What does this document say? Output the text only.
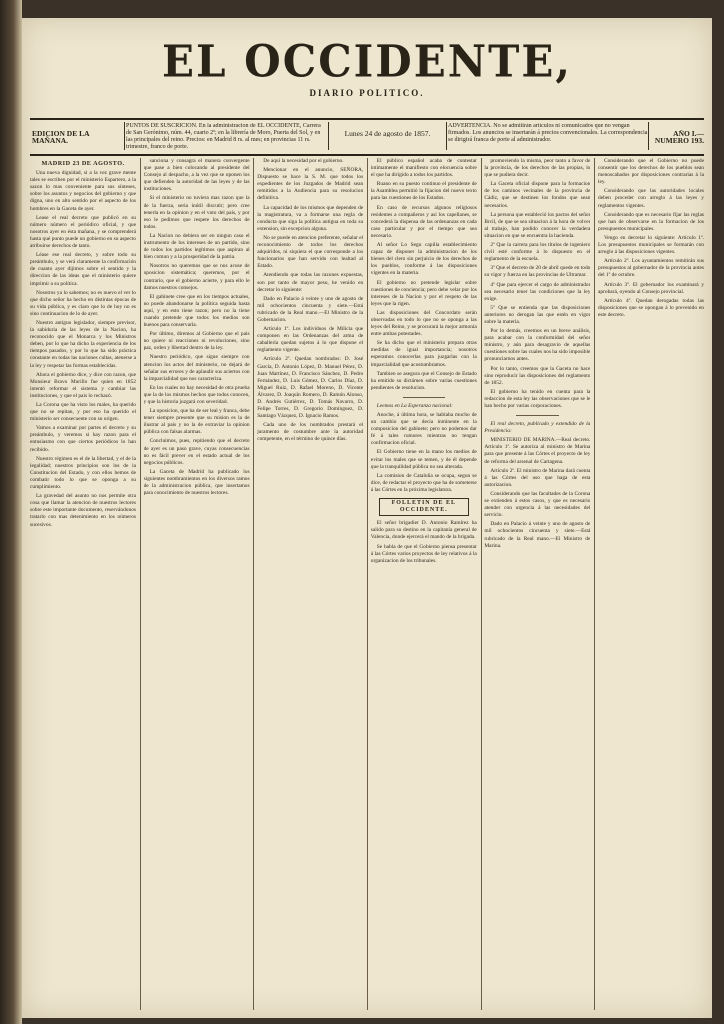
EL OCCIDENTE,
DIARIO POLITICO.
EDICION DE LA MAÑANA.
PUNTOS DE SUSCRICION. En la administracion de EL OCCIDENTE, Carrera de San Gerónimo, núm. 44, cuarto 2º; en la librería de Moro, Puerta del Sol, y en las principales del reino. Precios: en Madrid 8 rs. al mes; en provincias 11 rs. trimestre, franco de porte.
Lunes 24 de agosto de 1857.
ADVERTENCIA. No se admitirán artículos ni comunicados que no vengan firmados. Los anuncios se insertarán á precios convencionales. La correspondencia se dirigirá franca de porte al administrador.
AÑO I.—NUMERO 193.
MADRID 23 DE AGOSTO.

Una nueva dignidad, si a la vez grave mente tales se escriben por el ministerio Espartero, a la sazon lo mas conveniente para sus sínteses, sobre los asuntos y negocios del gobierno y que digna, uno en alto sentido por el aspecto de los hombres en la Gaceta de ayer.

Lease el real decreto que publicó en su número número el periódico oficial, y que nosotros ayer en ésta mañana, y se comprenderá hasta qué punto puede un gobierno en su aspecto atribuirse derechos de tanto.

Léase ese real decreto, y sobre todo su preámbulo, y se verá claramente la confirmación de cuanto ayer dijimos sobre el sentido y la direccion de las ideas que el ministerio quiere imprimir a su política.

Nosotros ya lo sabemos; no es nuevo el ver lo que dicho señor ha hecho en distintas épocas de su vida pública, y es claro que lo de hoy no es sino continuacion de lo de ayer.

Nuestro antiguo legislador, siempre previsor, la sabiduria de las leyes de la Nacion, ha reconocido que el Monarca y los Ministros deben, por lo que ha dicho la experiencia de los tiempos pasados, y por lo que ha sido práctica constante en todas las naciones cultas, atenerse a la ley y respetar las formas establecidas.

Ahora el gobierno dice, y dice con razon, que Monsieur Bravo Murillo fue quien en 1852 intentó reformar el sistema y cambiar las instituciones, y que el pais lo rechazó.

La Corona que ha visto los males, ha querido que no se repitan, y por eso ha querido el ministerio ser consecuente con su origen.

Vamos a examinar por partes el decreto y su preámbulo, y veremos si hay razon para el entusiasmo con que ciertos periódicos lo han recibido.

Nuestro régimen es el de la libertad, y el de la legalidad; nuestros principios son los de la Constitucion del Estado, y con ellos hemos de combatir todo lo que se oponga a su cumplimiento.

La gravedad del asunto no nos permite otra cosa que llamar la atencion de nuestros lectores sobre este importante documento, reservándonos tratarlo con mas detenimiento en los números sucesivos.

sanciona y consagra el manera convergente que pase a bien colocando al presidente del Consejo al despacho, a la vez que se oponen los que defienden la autoridad de las leyes y de las instituciones.

Si el ministerio no tuviera mas razon que la de la fuerza, seria inútil discutir; pero cree tenerla en la opinion y en el voto del país, y por eso le pedimos que respete los derechos de todos.

La Nacion no debiera ser en ningun caso el instrumento de los intereses de un partido, sino de todos los partidos legítimos que aspiran al bien comun y a la prosperidad de la patria.

Nosotros no queremos que se nos acuse de oposicion sistemática; queremos, por el contrario, que el gobierno acierte, y para ello le damos nuestros consejos.

El gabinete cree que en los tiempos actuales, no puede abandonarse la política seguida hasta aquí, y en esto tiene razon; pero no la tiene cuando pretende que todos los medios son buenos para conservarla.

Por último, diremos al Gobierno que el pais no quiere ni reacciones ni revoluciones, sino paz, orden y libertad dentro de la ley.

Nuestro periódico, que sigue siempre con atencion los actos del ministerio, no dejará de señalar sus errores y de aplaudir sus aciertos con la imparcialidad que nos caracteriza.

En los cuales no hay necesidad de otra prueba que la de los mismos hechos que todos conocen, y que la historia juzgará con severidad.

La oposicion, que ha de ser leal y franca, debe tener siempre presente que su mision es la de ilustrar al pais y no la de extraviar la opinion pública con falsas alarmas.

Concluimos, pues, repitiendo que el decreto de ayer es un paso grave, cuyas consecuencias no es fácil prever en el estado actual de los negocios públicos.

La Gaceta de Madrid ha publicado los siguientes nombramientos en los diversos ramos de la administracion pública, que insertamos para conocimiento de nuestros lectores.

De aquí la necesidad por el gobierno.

Mencionar en el anuncio, SEÑORA, Dispuesto se hace la S. M. que todos los expedientes de los Juzgados de Madrid sean remitidos a la Audiencia para su resolucion definitiva.

La capacidad de los mismos que dependen de la magistratura, va a formarse una regla de conducta que siga la política antigua en toda su extension, sin excepcion alguna.

No se puede en atencion preferente, señalar el reconocimiento de todos los derechos adquiridos, ni siquiera el que corresponde a los funcionarios que han servido con lealtad al Estado.

Atendiendo que todas las razones expuestas, son por tanto de mayor peso, he venido en decretar lo siguiente:

Dado en Palacio á veinte y uno de agosto de mil ochocientos cincuenta y siete.—Está rubricado de la Real mano.—El Ministro de la Gobernacion.

Artículo 1º. Los individuos de Milicia que componen en las Ordenanzas del arma de caballería quedan sujetos á lo que dispone el reglamento vigente.

Artículo 2º. Quedan nombrados: D. José García, D. Antonio López, D. Manuel Pérez, D. Juan Martínez, D. Francisco Sánchez, D. Pedro Fernández, D. Luis Gómez, D. Carlos Díaz, D. Miguel Ruiz, D. Rafael Moreno, D. Vicente Álvarez, D. Joaquín Romero, D. Ramón Alonso, D. Andrés Gutiérrez, D. Tomás Navarro, D. Felipe Torres, D. Gregorio Domínguez, D. Santiago Vázquez, D. Ignacio Ramos.

Cada uno de los nombrados prestará el juramento de costumbre ante la autoridad competente, en el término de quince días.

El público español acaba de contestar intimamente el manifiesto con elocuencia sobre el que ha dirigido a todos los partidos.

Ruano en su puesto continuo el presidente de la Asamblea permitió la fijacion del nuevo texto para las cuestiones de los Estados.

En caso de recursos algunos religiosos residentes a compañeros y así los capellanes, se concederá la dispensa de las ordenanzas en cada caso particular y por el tiempo que sea necesario.

Al señor Lo Segu capilla establecimiento capaz de disponer la administracion de los bienes del clero sin perjuicio de los derechos de los pueblos, conforme á las disposiciones vigentes en la materia.

El gobierno no pretende legislar sobre cuestiones de conciencia; pero debe velar por los intereses de la Nacion y por el respeto de las leyes que la rigen.

Las disposiciones del Concordato serán observadas en todo lo que no se oponga a las leyes del Reino, y se procurará la mejor armonía entre ambas potestades.

Se ha dicho que el ministerio prepara otras medidas de igual importancia; nosotros esperamos conocerlas para juzgarlas con la imparcialidad que acostumbramos.

Tambien se asegura que el Consejo de Estado ha emitido su dictámen sobre varias cuestiones pendientes de resolucion.

Leemos en La Esperanza nacional:

Anoche, á última hora, se hablaba mucho de un cambio que se decia inminente en la composicion del gabinete; pero no podemos dar fé á tales rumores mientras no tengan confirmacion oficial.

El Gobierno tiene en la mano los medios de evitar los males que se temen, y de él depende que la tranquilidad pública no sea alterada.

La comision de Cataluña se ocupa, segun se dice, de redactar el proyecto que ha de someterse á las Córtes en la próxima legislatura.

FOLLETIN DE EL OCCIDENTE.

El señor brigadier D. Antonio Ramírez ha salido para su destino en la capitanía general de Valencia, donde ejercerá el mando de la brigada.

Se habla de que el Gobierno piensa presentar á las Córtes varios proyectos de ley relativos á la organizacion de los tribunales.

promoviendo la misma, peor tanto a favor de la provincia, de los derechos de las propias, lo que se pudiera decir.

La Gaceta oficial dispone para la formacion de los caminos vecinales de la provincia de Cádiz, que se destinen los fondos que sean necesarios.

La persona que estableció los pactos del señor Brcil, de que se sea situacion á la hora de volver al trabajo, han podido conocer la verdadera situacion en que se encuentra la hacienda.

2º Que la carrera para los títulos de ingeniero civil esté conforme á lo dispuesto en el reglamento de la escuela.

3º Que el decreto de 20 de abril quede en todo su vigor y fuerza en las provincias de Ultramar.

4º Que para ejercer el cargo de administrador sea necesario tener las condiciones que la ley exige.

5º Que se entienda que las disposiciones anteriores no derogan las que estén en vigor sobre la materia.

Por lo demás, creemos en un breve análisis, para acabar con la conformidad del señor ministro, y aún para desagravio de aquellas cuestiones sobre las cuales nos ha sido imposible pronunciarnos antes.

Por lo tanto, creemos que la Gaceta no hace sino reproducir las disposiciones del reglamento de 1852.

El gobierno ha tenido en cuenta para la redaccion de esta ley las observaciones que se le han hecho por varias corporaciones.

El real decreto, publicado y extendido de la Presidencia:

MINISTERIO DE MARINA.—Real decreto. Artículo 1º. Se autoriza al ministro de Marina para que presente á las Córtes el proyecto de ley de reforma del arsenal de Cartagena.

Artículo 2º. El ministro de Marina dará cuenta á las Córtes del uso que haga de esta autorizacion.

Considerando que las facultades de la Corona se extienden á estos casos, y que es necesario atender con urgencia á las necesidades del servicio.

Dado en Palacio á veinte y uno de agosto de mil ochocientos cincuenta y siete.—Está rubricado de la Real mano.—El Ministro de Marina.

Considerando que el Gobierno no puede consentir que los derechos de los pueblos sean menoscabados por disposiciones contrarias á la ley.

Considerando que las autoridades locales deben proceder con arreglo á las leyes y reglamentos vigentes.

Considerando que es necesario fijar las reglas que han de observarse en la formacion de los presupuestos municipales.

Vengo en decretar lo siguiente: Artículo 1º. Los presupuestos municipales se formarán con arreglo á las disposiciones vigentes.

Artículo 2º. Los ayuntamientos remitirán sus presupuestos al gobernador de la provincia antes del 1º de octubre.

Artículo 3º. El gobernador los examinará y aprobará, oyendo al Consejo provincial.

Artículo 4º. Quedan derogadas todas las disposiciones que se opongan á lo prevenido en este decreto.
